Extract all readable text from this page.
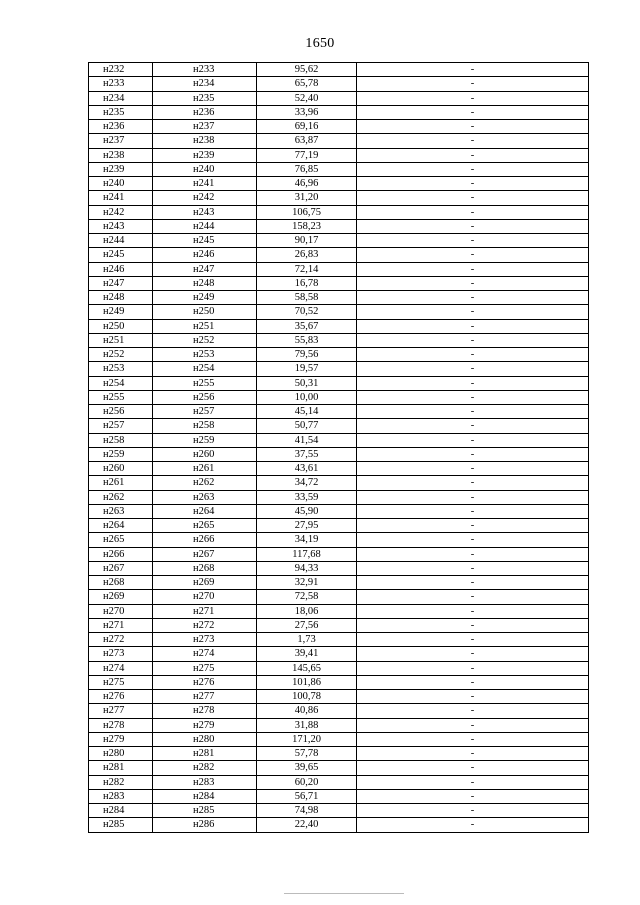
1650
н232	н233	95,62	-
н233	н234	65,78	-
н234	н235	52,40	-
н235	н236	33,96	-
н236	н237	69,16	-
н237	н238	63,87	-
н238	н239	77,19	-
н239	н240	76,85	-
н240	н241	46,96	-
н241	н242	31,20	-
н242	н243	106,75	-
н243	н244	158,23	-
н244	н245	90,17	-
н245	н246	26,83	-
н246	н247	72,14	-
н247	н248	16,78	-
н248	н249	58,58	-
н249	н250	70,52	-
н250	н251	35,67	-
н251	н252	55,83	-
н252	н253	79,56	-
н253	н254	19,57	-
н254	н255	50,31	-
н255	н256	10,00	-
н256	н257	45,14	-
н257	н258	50,77	-
н258	н259	41,54	-
н259	н260	37,55	-
н260	н261	43,61	-
н261	н262	34,72	-
н262	н263	33,59	-
н263	н264	45,90	-
н264	н265	27,95	-
н265	н266	34,19	-
н266	н267	117,68	-
н267	н268	94,33	-
н268	н269	32,91	-
н269	н270	72,58	-
н270	н271	18,06	-
н271	н272	27,56	-
н272	н273	1,73	-
н273	н274	39,41	-
н274	н275	145,65	-
н275	н276	101,86	-
н276	н277	100,78	-
н277	н278	40,86	-
н278	н279	31,88	-
н279	н280	171,20	-
н280	н281	57,78	-
н281	н282	39,65	-
н282	н283	60,20	-
н283	н284	56,71	-
н284	н285	74,98	-
н285	н286	22,40	-
